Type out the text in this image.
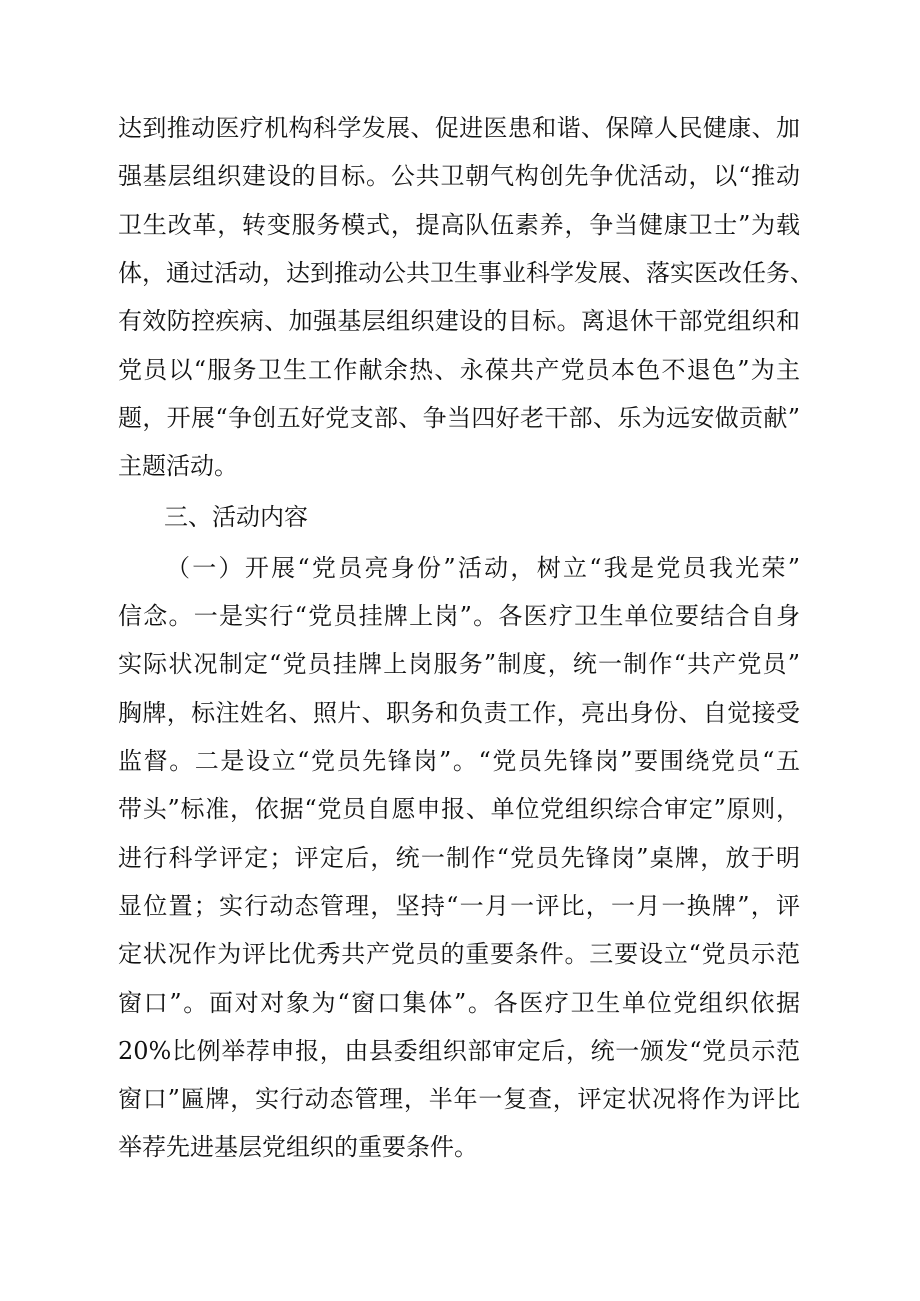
达到推动医疗机构科学发展、促进医患和谐、保障人民健康、加
强基层组织建设的目标。公共卫朝气构创先争优活动，以“推动
卫生改革，转变服务模式，提高队伍素养，争当健康卫士”为载
体，通过活动，达到推动公共卫生事业科学发展、落实医改任务、
有效防控疾病、加强基层组织建设的目标。离退休干部党组织和
党员以“服务卫生工作献余热、永葆共产党员本色不退色”为主
题，开展“争创五好党支部、争当四好老干部、乐为远安做贡献”
主题活动。
三、活动内容
（一）开展“党员亮身份”活动，树立“我是党员我光荣”
信念。一是实行“党员挂牌上岗”。各医疗卫生单位要结合自身
实际状况制定“党员挂牌上岗服务”制度，统一制作“共产党员”
胸牌，标注姓名、照片、职务和负责工作，亮出身份、自觉接受
监督。二是设立“党员先锋岗”。“党员先锋岗”要围绕党员“五
带头”标准，依据“党员自愿申报、单位党组织综合审定”原则，
进行科学评定；评定后，统一制作“党员先锋岗”桌牌，放于明
显位置；实行动态管理，坚持“一月一评比，一月一换牌”，评
定状况作为评比优秀共产党员的重要条件。三要设立“党员示范
窗口”。面对对象为“窗口集体”。各医疗卫生单位党组织依据
20%比例举荐申报，由县委组织部审定后，统一颁发“党员示范
窗口”匾牌，实行动态管理，半年一复查，评定状况将作为评比
举荐先进基层党组织的重要条件。
